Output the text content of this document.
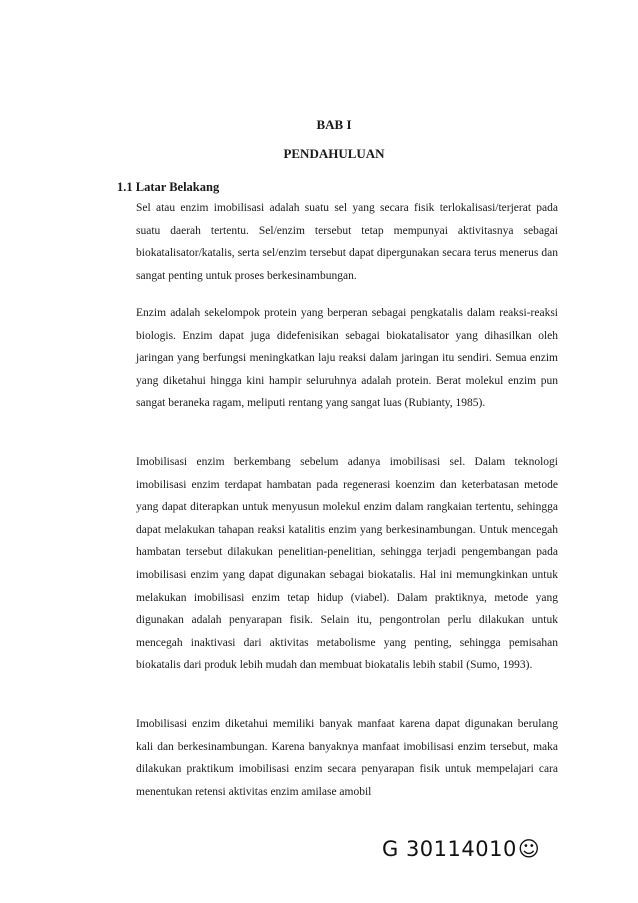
BAB I
PENDAHULUAN
1.1 Latar Belakang

Sel atau enzim imobilisasi adalah suatu sel yang secara fisik terlokalisasi/terjerat pada suatu daerah tertentu. Sel/enzim tersebut tetap mempunyai aktivitasnya sebagai biokatalisator/katalis, serta sel/enzim tersebut dapat dipergunakan secara terus menerus dan sangat penting untuk proses berkesinambungan.

Enzim adalah sekelompok protein yang berperan sebagai pengkatalis dalam reaksi-reaksi biologis. Enzim dapat juga didefenisikan sebagai biokatalisator yang dihasilkan oleh jaringan yang berfungsi meningkatkan laju reaksi dalam jaringan itu sendiri. Semua enzim yang diketahui hingga kini hampir seluruhnya adalah protein. Berat molekul enzim pun sangat beraneka ragam, meliputi rentang yang sangat luas (Rubianty, 1985).

Imobilisasi enzim berkembang sebelum adanya imobilisasi sel. Dalam teknologi imobilisasi enzim terdapat hambatan pada regenerasi koenzim dan keterbatasan metode yang dapat diterapkan untuk menyusun molekul enzim dalam rangkaian tertentu, sehingga dapat melakukan tahapan reaksi katalitis enzim yang berkesinambungan. Untuk mencegah hambatan tersebut dilakukan penelitian-penelitian, sehingga terjadi pengembangan pada imobilisasi enzim yang dapat digunakan sebagai biokatalis. Hal ini memungkinkan untuk melakukan imobilisasi enzim tetap hidup (viabel). Dalam praktiknya, metode yang digunakan adalah penyarapan fisik. Selain itu, pengontrolan perlu dilakukan untuk mencegah inaktivasi dari aktivitas metabolisme yang penting, sehingga pemisahan biokatalis dari produk lebih mudah dan membuat biokatalis lebih stabil (Sumo, 1993).

Imobilisasi enzim diketahui memiliki banyak manfaat karena dapat digunakan berulang kali dan berkesinambungan. Karena banyaknya manfaat imobilisasi enzim tersebut, maka dilakukan praktikum imobilisasi enzim secara penyarapan fisik untuk mempelajari cara menentukan retensi aktivitas enzim amilase amobil

G 30114010☺
